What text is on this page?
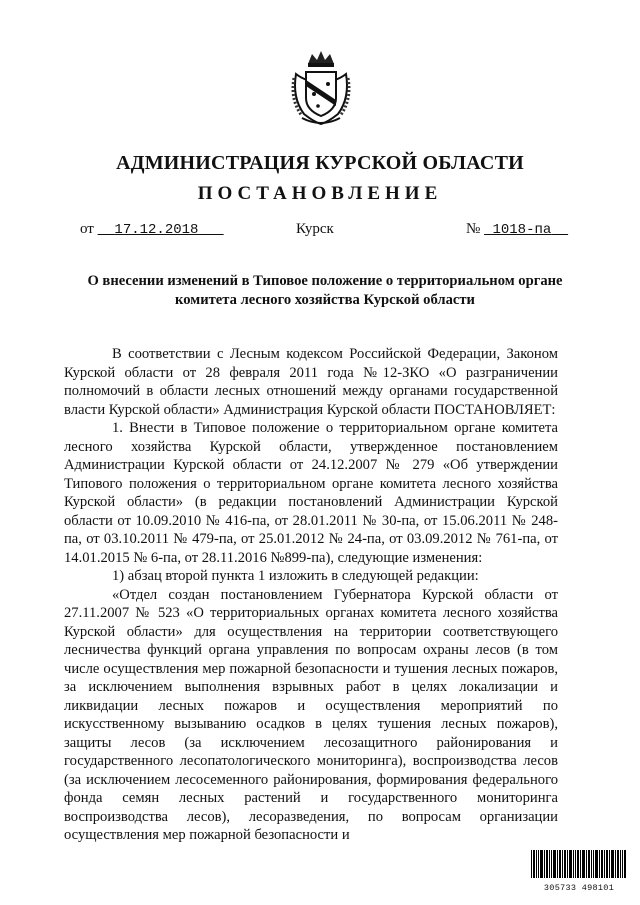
АДМИНИСТРАЦИЯ КУРСКОЙ ОБЛАСТИ
ПОСТАНОВЛЕНИЕ
от 17.12.2018	Курск	№ 1018-па
О внесении изменений в Типовое положение о территориальном органе комитета лесного хозяйства Курской области

В соответствии с Лесным кодексом Российской Федерации, Законом Курской области от 28 февраля 2011 года №12-ЗКО «О разграничении полномочий в области лесных отношений между органами государственной власти Курской области» Администрация Курской области ПОСТАНОВЛЯЕТ:

1. Внести в Типовое положение о территориальном органе комитета лесного хозяйства Курской области, утвержденное постановлением Администрации Курской области от 24.12.2007 № 279 «Об утверждении Типового положения о территориальном органе комитета лесного хозяйства Курской области» (в редакции постановлений Администрации Курской области от 10.09.2010 № 416-па, от 28.01.2011 № 30-па, от 15.06.2011 № 248-па, от 03.10.2011 № 479-па, от 25.01.2012 № 24-па, от 03.09.2012 № 761-па, от 14.01.2015 № 6-па, от 28.11.2016 №899-па), следующие изменения:

1) абзац второй пункта 1 изложить в следующей редакции:

«Отдел создан постановлением Губернатора Курской области от 27.11.2007 № 523 «О территориальных органах комитета лесного хозяйства Курской области» для осуществления на территории соответствующего лесничества функций органа управления по вопросам охраны лесов (в том числе осуществления мер пожарной безопасности и тушения лесных пожаров, за исключением выполнения взрывных работ в целях локализации и ликвидации лесных пожаров и осуществления мероприятий по искусственному вызыванию осадков в целях тушения лесных пожаров), защиты лесов (за исключением лесозащитного районирования и государственного лесопатологического мониторинга), воспроизводства лесов (за исключением лесосеменного районирования, формирования федерального фонда семян лесных растений и государственного мониторинга воспроизводства лесов), лесоразведения, по вопросам организации осуществления мер пожарной безопасности и

305733 498101
